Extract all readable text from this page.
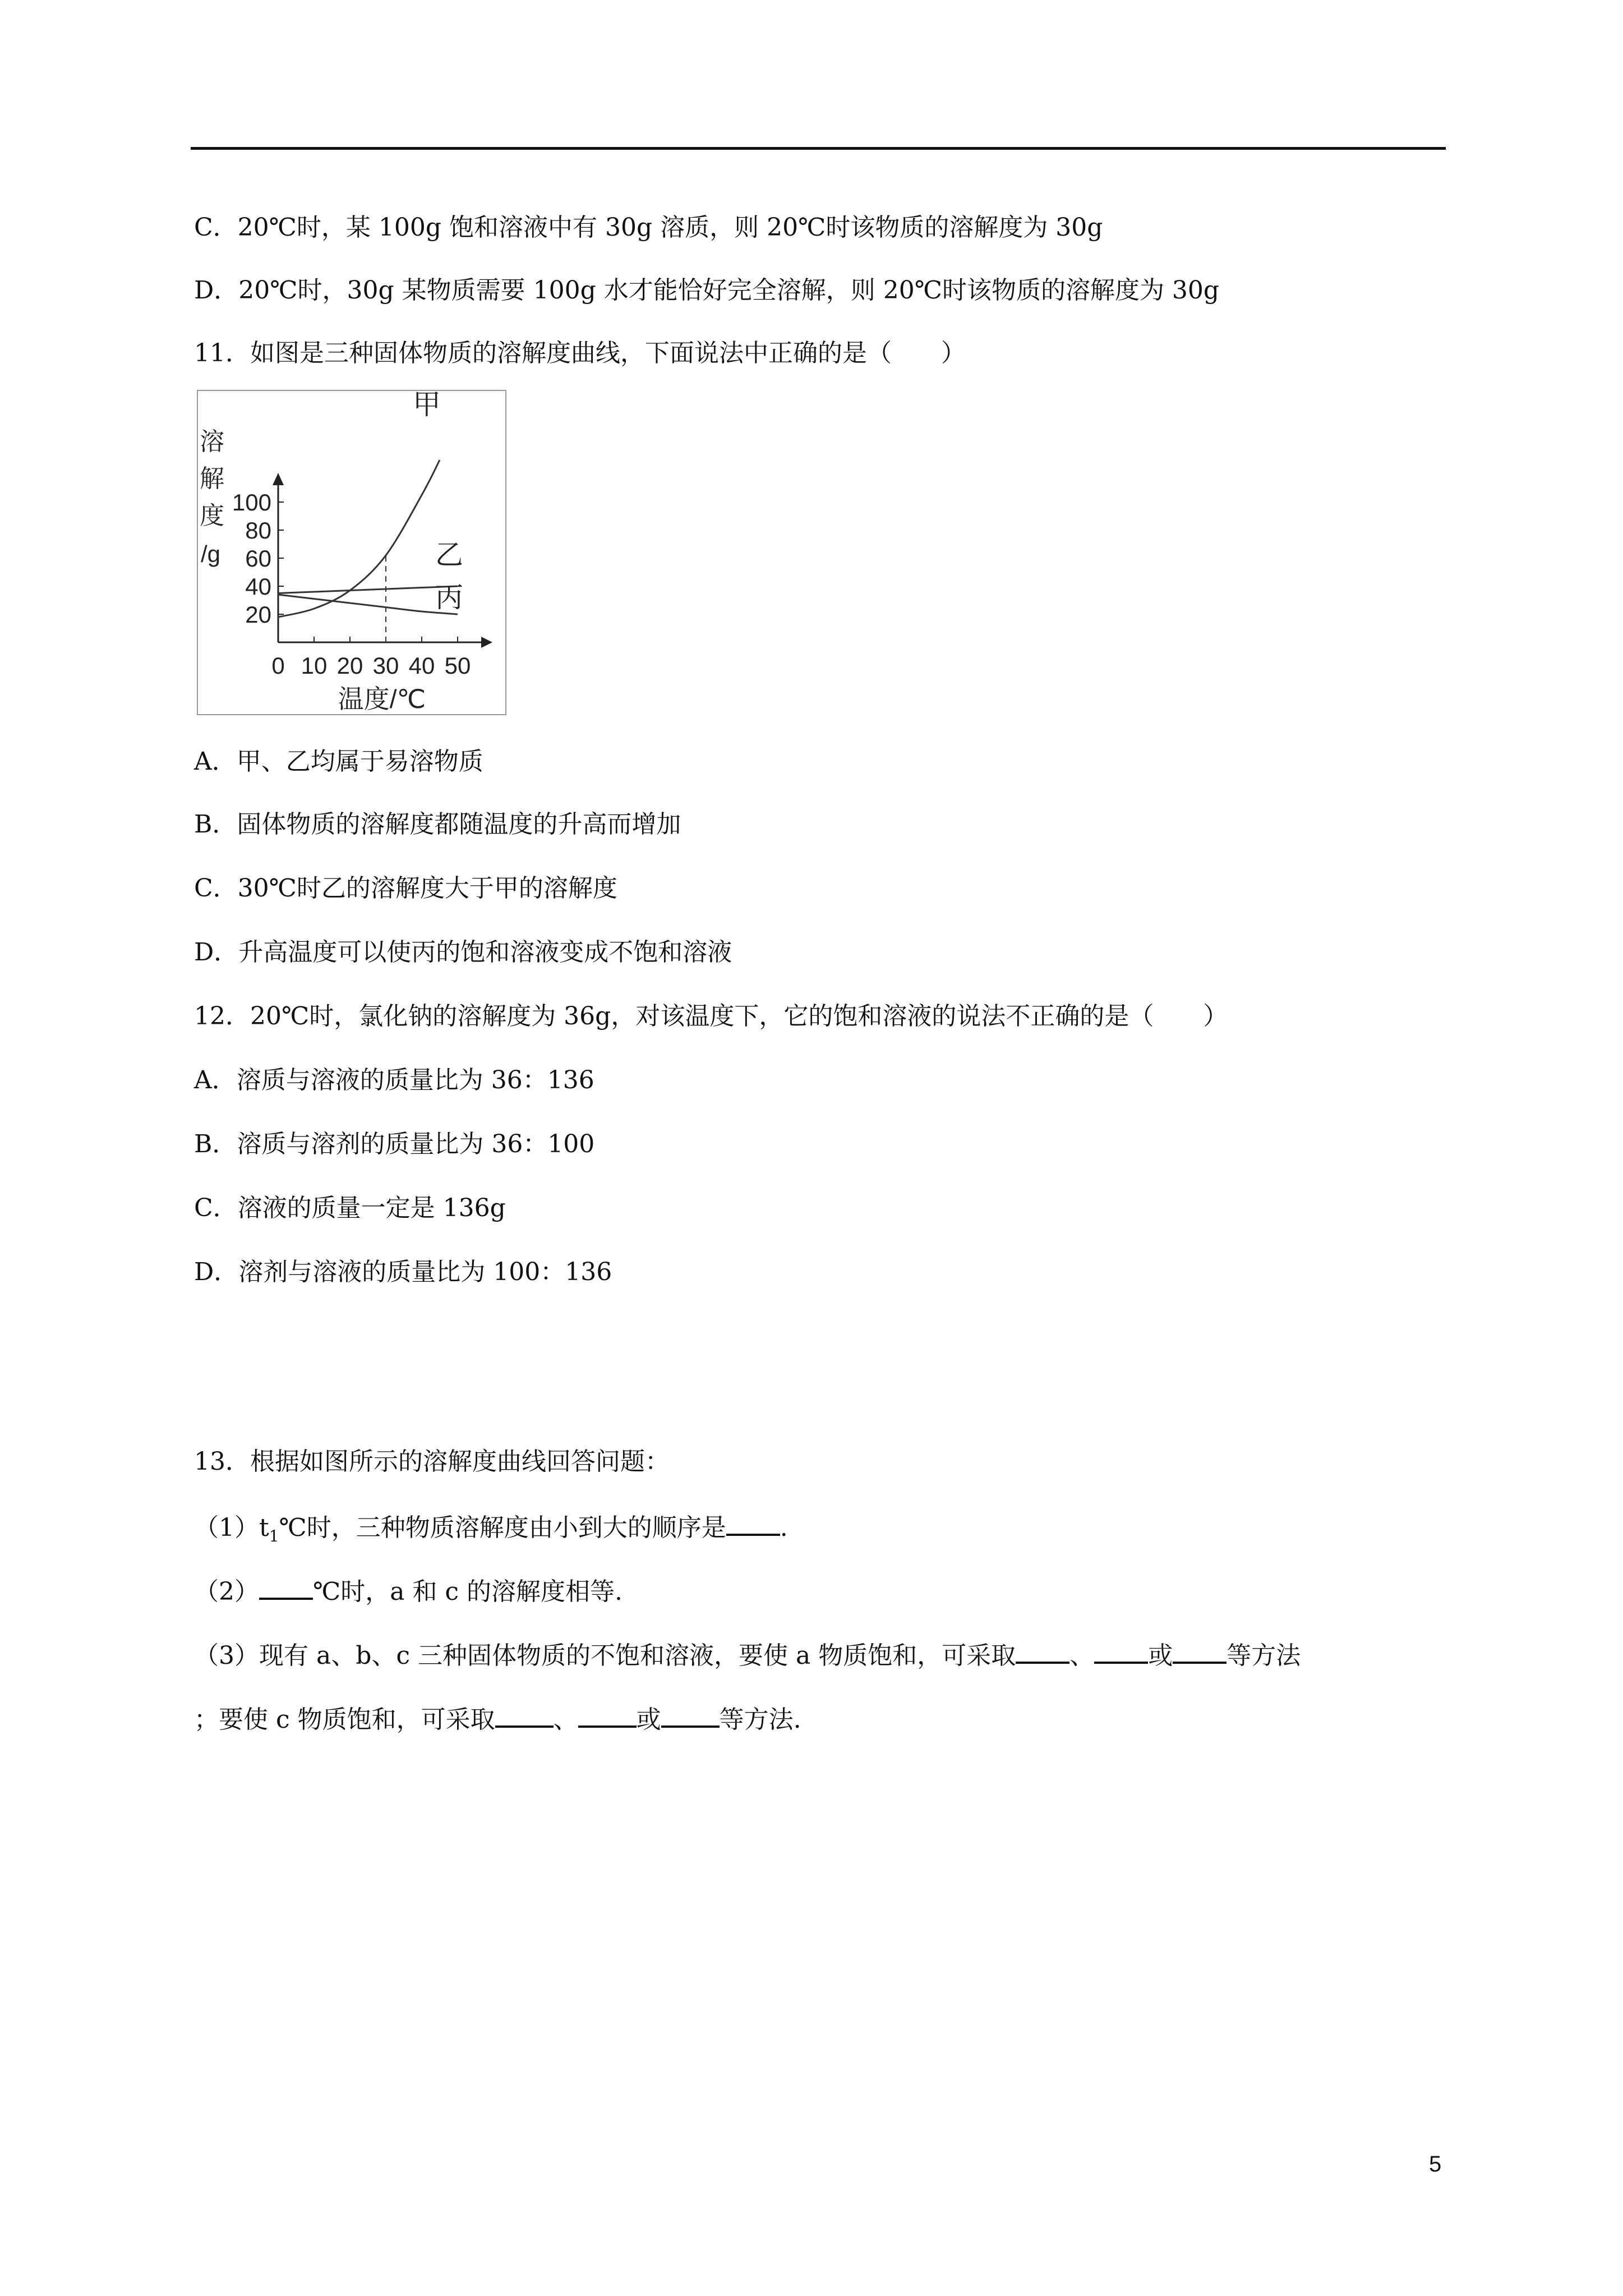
C．20℃时，某 100g 饱和溶液中有 30g 溶质，则 20℃时该物质的溶解度为 30g
D．20℃时，30g 某物质需要 100g 水才能恰好完全溶解，则 20℃时该物质的溶解度为 30g
11．如图是三种固体物质的溶解度曲线，下面说法中正确的是（　　）
溶
解
度
/g
20
40
60
80
100
0 10 20 30 40 50
甲
乙
丙
温度/℃
A．甲、乙均属于易溶物质
B．固体物质的溶解度都随温度的升高而增加
C．30℃时乙的溶解度大于甲的溶解度
D．升高温度可以使丙的饱和溶液变成不饱和溶液
12．20℃时，氯化钠的溶解度为 36g，对该温度下，它的饱和溶液的说法不正确的是（　　）
A．溶质与溶液的质量比为 36：136
B．溶质与溶剂的质量比为 36：100
C．溶液的质量一定是 136g
D．溶剂与溶液的质量比为 100：136
13．根据如图所示的溶解度曲线回答问题：
$(1)t_1℃$时，三种物质溶解度由小到大的顺序是 .
（2） ℃时，a 和 c 的溶解度相等.
（3）现有 a、b、c 三种固体物质的不饱和溶液，要使 a 物质饱和，可采取 、 或 等方法
；要使 c 物质饱和，可采取 、 或 等方法.
5
